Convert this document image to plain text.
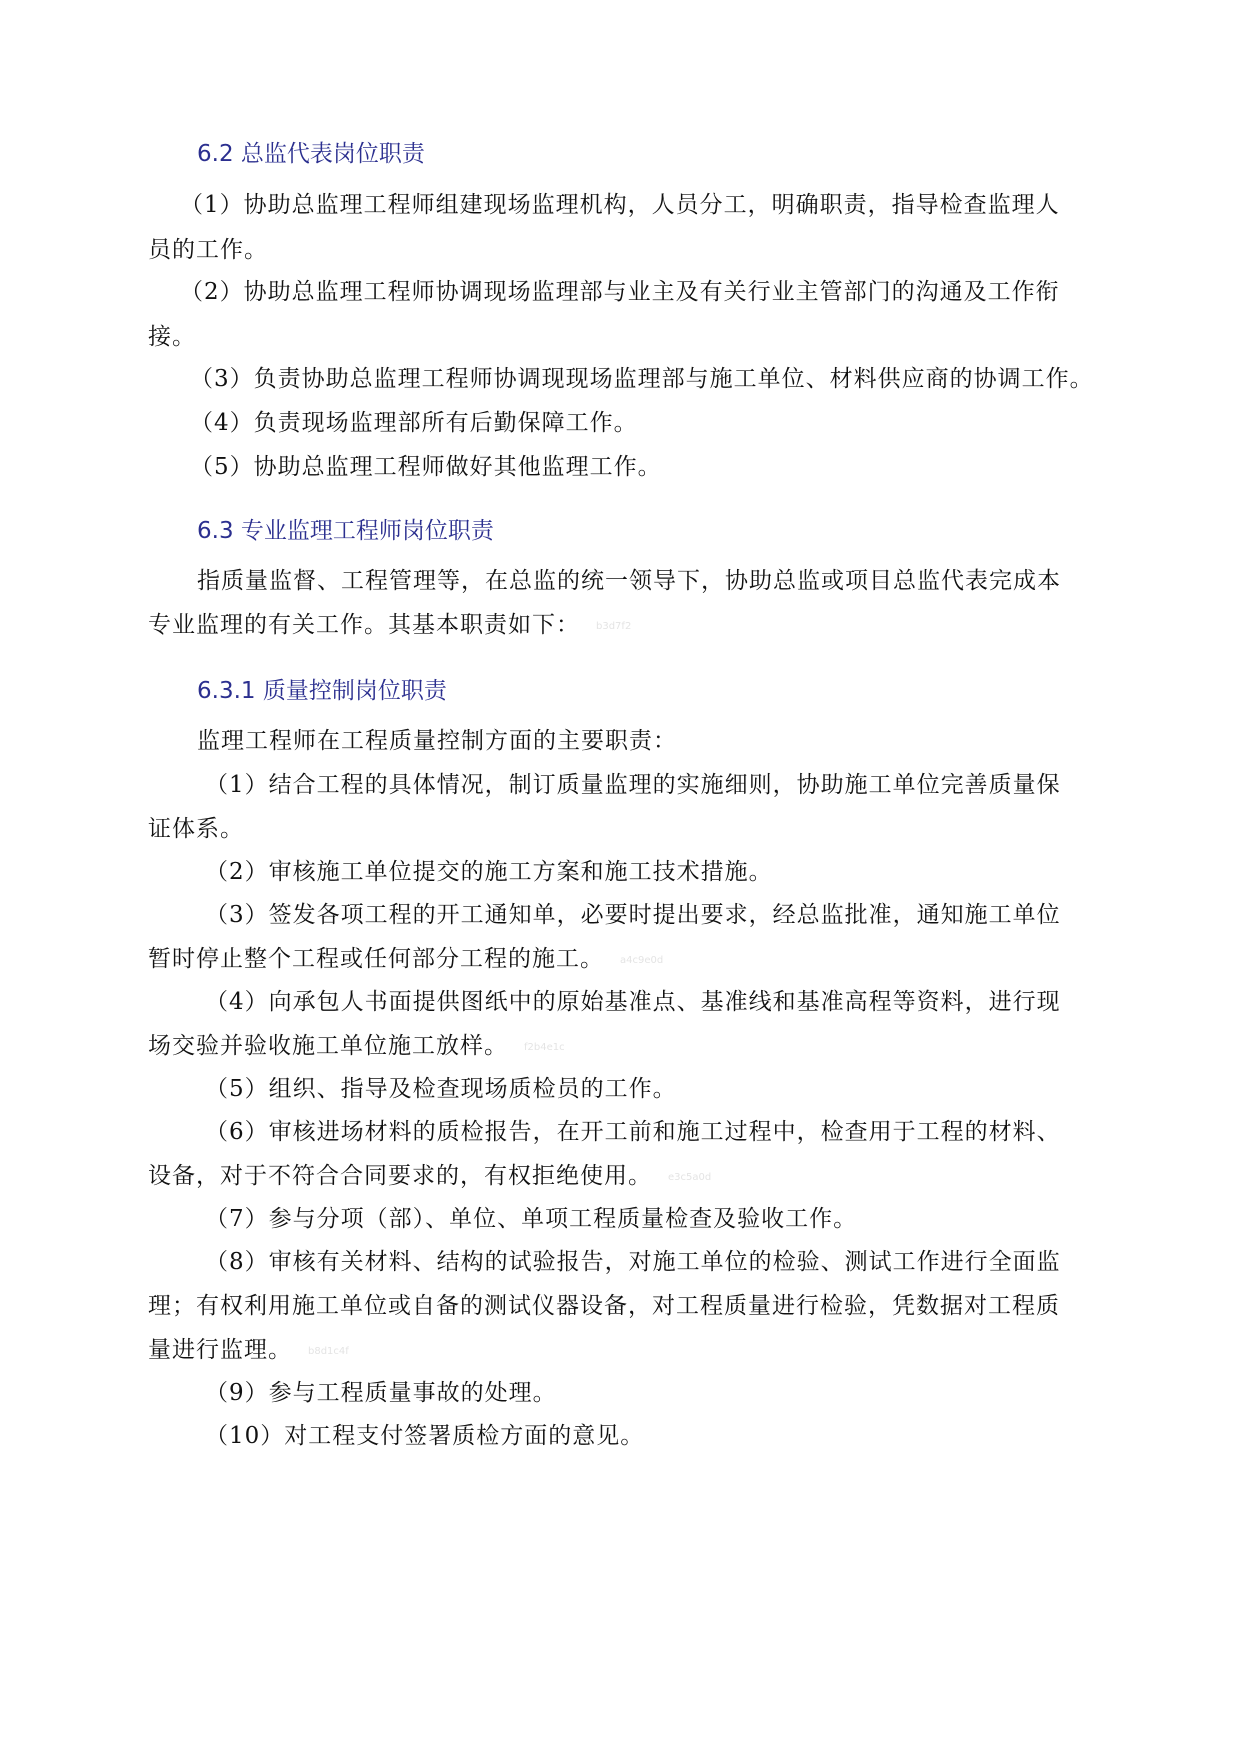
6.2 总监代表岗位职责

（1）协助总监理工程师组建现场监理机构，人员分工，明确职责，指导检查监理人

员的工作。

（2）协助总监理工程师协调现场监理部与业主及有关行业主管部门的沟通及工作衔

接。

（3）负责协助总监理工程师协调现现场监理部与施工单位、材料供应商的协调工作。

（4）负责现场监理部所有后勤保障工作。

（5）协助总监理工程师做好其他监理工作。

6.3 专业监理工程师岗位职责

指质量监督、工程管理等，在总监的统一领导下，协助总监或项目总监代表完成本

专业监理的有关工作。其基本职责如下： b3d7f2

6.3.1 质量控制岗位职责

监理工程师在工程质量控制方面的主要职责：

（1）结合工程的具体情况，制订质量监理的实施细则，协助施工单位完善质量保

证体系。

（2）审核施工单位提交的施工方案和施工技术措施。

（3）签发各项工程的开工通知单，必要时提出要求，经总监批准，通知施工单位

暂时停止整个工程或任何部分工程的施工。 a4c9e0d

（4）向承包人书面提供图纸中的原始基准点、基准线和基准高程等资料，进行现

场交验并验收施工单位施工放样。 f2b4e1c

（5）组织、指导及检查现场质检员的工作。

（6）审核进场材料的质检报告，在开工前和施工过程中，检查用于工程的材料、

设备，对于不符合合同要求的，有权拒绝使用。 e3c5a0d

（7）参与分项（部）、单位、单项工程质量检查及验收工作。

（8）审核有关材料、结构的试验报告，对施工单位的检验、测试工作进行全面监

理；有权利用施工单位或自备的测试仪器设备，对工程质量进行检验，凭数据对工程质

量进行监理。 b8d1c4f

（9）参与工程质量事故的处理。

（10）对工程支付签署质检方面的意见。
